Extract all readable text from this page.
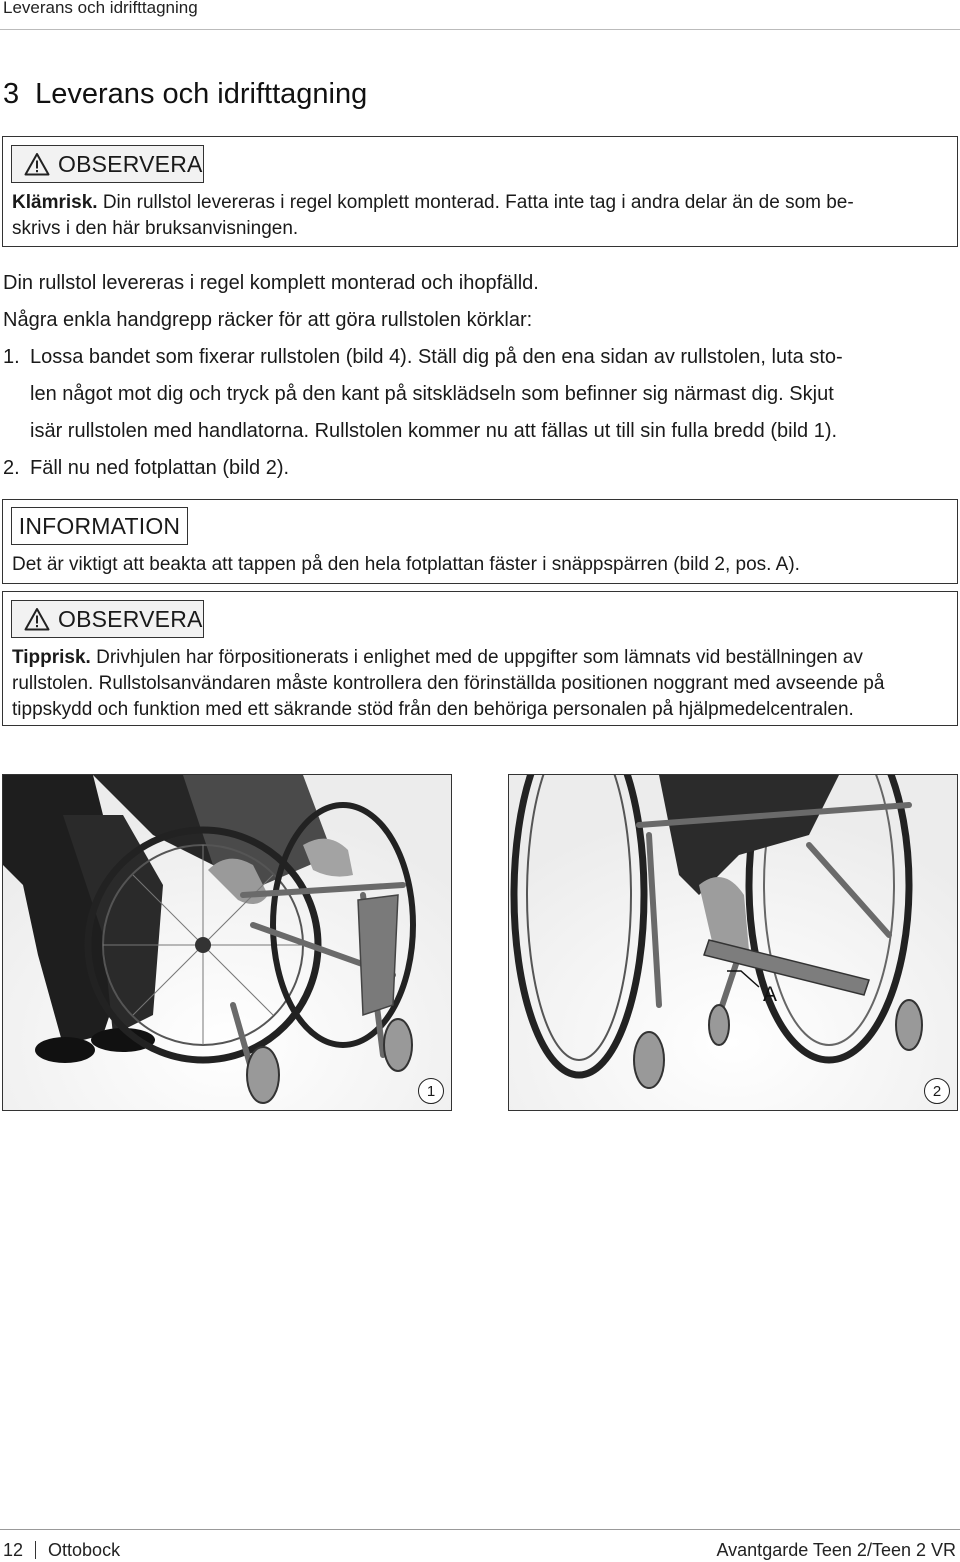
Leverans och idrifttagning
3 Leverans och idrifttagning
OBSERVERA
Klämrisk. Din rullstol levereras i regel komplett monterad. Fatta inte tag i andra delar än de som be-
skrivs i den här bruksanvisningen.
Din rullstol levereras i regel komplett monterad och ihopfälld.
Några enkla handgrepp räcker för att göra rullstolen körklar:
1. Lossa bandet som fixerar rullstolen (bild 4). Ställ dig på den ena sidan av rullstolen, luta sto-
len något mot dig och tryck på den kant på sitsklädseln som befinner sig närmast dig. Skjut
isär rullstolen med handlatorna. Rullstolen kommer nu att fällas ut till sin fulla bredd (bild 1).
2. Fäll nu ned fotplattan (bild 2).
INFORMATION
Det är viktigt att beakta att tappen på den hela fotplattan fäster i snäppspärren (bild 2, pos. A).
OBSERVERA
Tipprisk. Drivhjulen har förpositionerats i enlighet med de uppgifter som lämnats vid beställningen av
rullstolen. Rullstolsanvändaren måste kontrollera den förinställda positionen noggrant med avseende på
tippskydd och funktion med ett säkrande stöd från den behöriga personalen på hjälpmedelcentralen.
1
A
2
12 Ottobock	Avantgarde Teen 2/Teen 2 VR
